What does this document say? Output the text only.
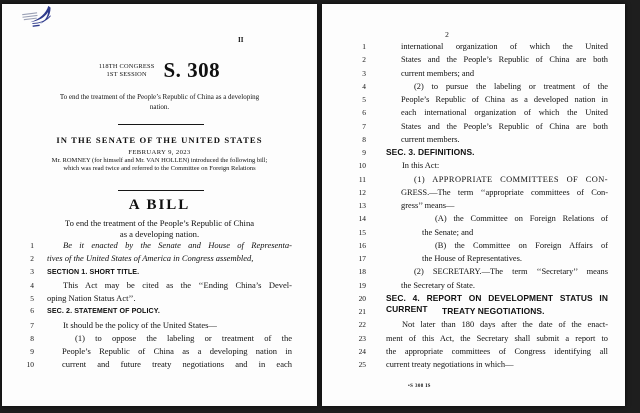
II
118TH CONGRESS
1ST SESSION S. 308
To end the treatment of the People’s Republic of China as a developing
nation.
IN THE SENATE OF THE UNITED STATES
FEBRUARY 9, 2023
Mr. ROMNEY (for himself and Mr. VAN HOLLEN) introduced the following bill;
which was read twice and referred to the Committee on Foreign Relations
A BILL
To end the treatment of the People’s Republic of China
as a developing nation.
1	Be it enacted by the Senate and House of Representa-
2 tives of the United States of America in Congress assembled,
3 SECTION 1. SHORT TITLE.
4	This Act may be cited as the ‘‘Ending China’s Devel-
5 oping Nation Status Act’’.
6 SEC. 2. STATEMENT OF POLICY.
7	It should be the policy of the United States—
8	(1) to oppose the labeling or treatment of the
9	People’s Republic of China as a developing nation in
10	current and future treaty negotiations and in each
2
1	international organization of which the United
2	States and the People’s Republic of China are both
3	current members; and
4	(2) to pursue the labeling or treatment of the
5	People’s Republic of China as a developed nation in
6	each international organization of which the United
7	States and the People’s Republic of China are both
8	current members.
9 SEC. 3. DEFINITIONS.
10	In this Act:
11	(1) APPROPRIATE COMMITTEES OF CON-
12	GRESS.—The term ‘‘appropriate committees of Con-
13	gress’’ means—
14	(A) the Committee on Foreign Relations of
15	the Senate; and
16	(B) the Committee on Foreign Affairs of
17	the House of Representatives.
18	(2) SECRETARY.—The term ‘‘Secretary’’ means
19	the Secretary of State.
20 SEC. 4. REPORT ON DEVELOPMENT STATUS IN CURRENT
21	TREATY NEGOTIATIONS.
22	Not later than 180 days after the date of the enact-
23 ment of this Act, the Secretary shall submit a report to
24 the appropriate committees of Congress identifying all
25 current treaty negotiations in which—
•S 308 IS
